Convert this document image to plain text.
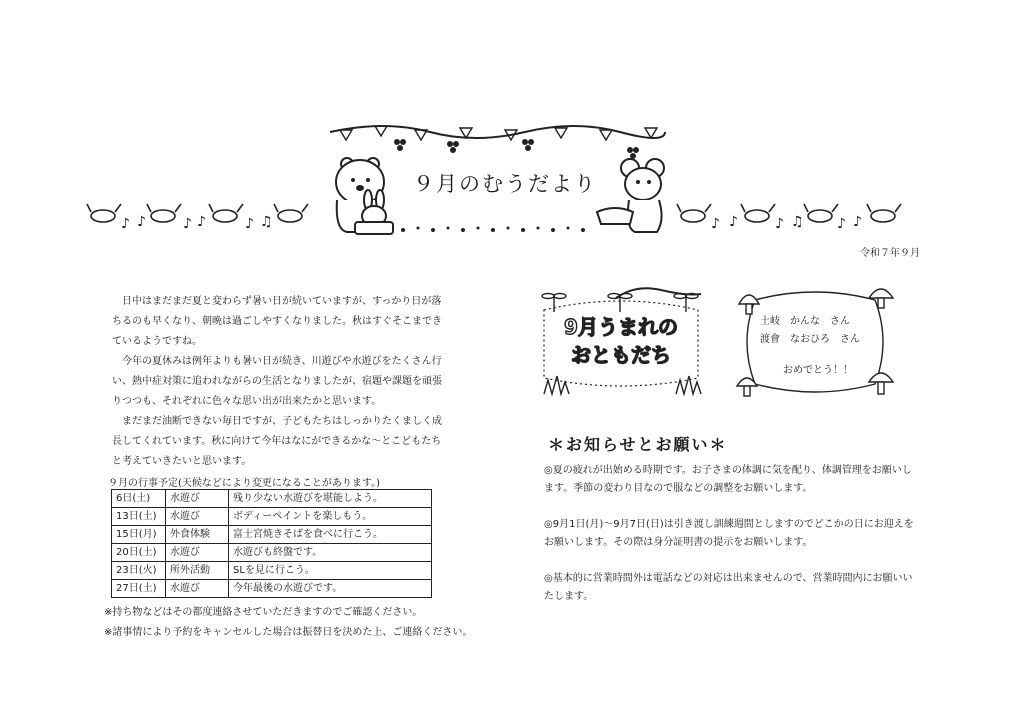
♪ ♪	♪ ♪	♪ ♫	♪ ♪	♪ ♫ ♪ ♪
９月のむうだより
令和７年９月

日中はまだまだ夏と変わらず暑い日が続いていますが、すっかり日が落ちるのも早くなり、朝晩は過ごしやすくなりました。秋はすぐそこまできているようですね。

今年の夏休みは例年よりも暑い日が続き、川遊びや水遊びをたくさん行い、熱中症対策に追われながらの生活となりましたが、宿題や課題を頑張りつつも、それぞれに色々な思い出が出来たかと思います。

まだまだ油断できない毎日ですが、子どもたちはしっかりたくましく成長してくれています。秋に向けて今年はなにができるかな～とこどもたちと考えていきたいと思います。

９月の行事予定(天候などにより変更になることがあります。)
6日(土)	水遊び	残り少ない水遊びを堪能しよう。
13日(土)	水遊び	ボディーペイントを楽しもう。
15日(月)	外食体験	富士宮焼きそばを食べに行こう。
20日(土)	水遊び	水遊びも終盤です。
23日(火)	所外活動	SLを見に行こう。
27日(土)	水遊び	今年最後の水遊びです。
※持ち物などはその都度連絡させていただきますのでご確認ください。
※諸事情により予約をキャンセルした場合は振替日を決めた上、ご連絡ください。
9月うまれの
おともだち
土岐　かんな　さん
渡會　なおひろ　さん
おめでとう！！
＊お知らせとお願い＊
◎夏の疲れが出始める時期です。お子さまの体調に気を配り、体調管理をお願いします。季節の変わり目なので服などの調整をお願いします。
◎9月1日(月)～9月7日(日)は引き渡し訓練週間としますのでどこかの日にお迎えをお願いします。その際は身分証明書の提示をお願いします。
◎基本的に営業時間外は電話などの対応は出来ませんので、営業時間内にお願いいたします。
